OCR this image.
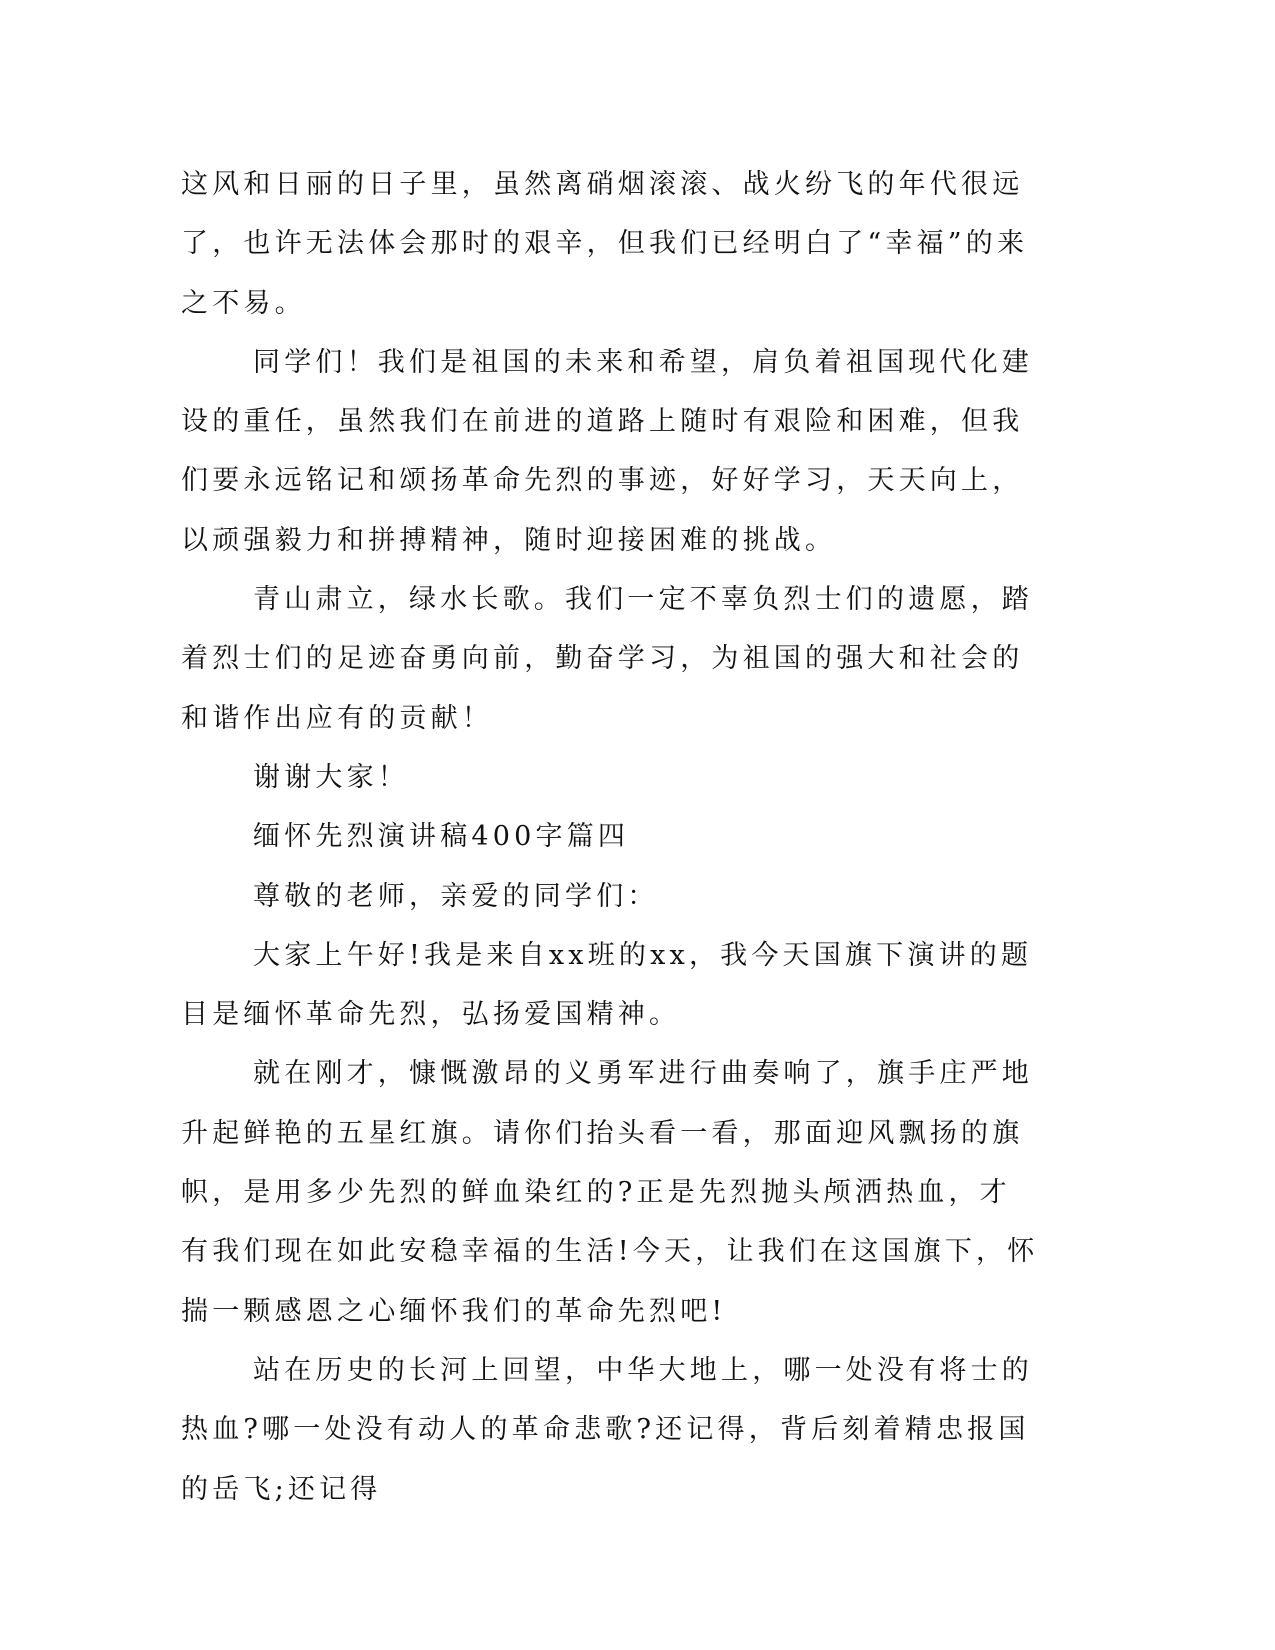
这风和日丽的日子里，虽然离硝烟滚滚、战火纷飞的年代很远了，也许无法体会那时的艰辛，但我们已经明白了“幸福”的来之不易。

同学们！我们是祖国的未来和希望，肩负着祖国现代化建设的重任，虽然我们在前进的道路上随时有艰险和困难，但我们要永远铭记和颂扬革命先烈的事迹，好好学习，天天向上，以顽强毅力和拼搏精神，随时迎接困难的挑战。

青山肃立，绿水长歌。我们一定不辜负烈士们的遗愿，踏着烈士们的足迹奋勇向前，勤奋学习，为祖国的强大和社会的和谐作出应有的贡献！

谢谢大家！

缅怀先烈演讲稿400字篇四

尊敬的老师，亲爱的同学们：

大家上午好!我是来自xx班的xx，我今天国旗下演讲的题目是缅怀革命先烈，弘扬爱国精神。

就在刚才，慷慨激昂的义勇军进行曲奏响了，旗手庄严地升起鲜艳的五星红旗。请你们抬头看一看，那面迎风飘扬的旗帜，是用多少先烈的鲜血染红的?正是先烈抛头颅洒热血，才有我们现在如此安稳幸福的生活!今天，让我们在这国旗下，怀揣一颗感恩之心缅怀我们的革命先烈吧!

站在历史的长河上回望，中华大地上，哪一处没有将士的热血?哪一处没有动人的革命悲歌?还记得，背后刻着精忠报国的岳飞;还记得
